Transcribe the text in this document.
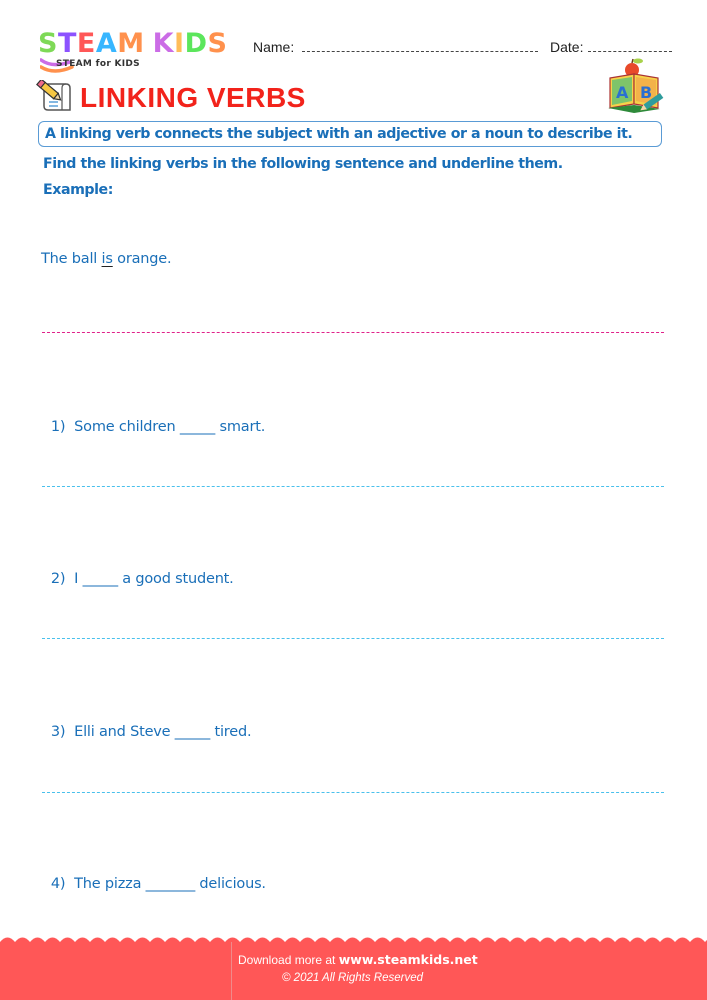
STEAM KIDS
STEAM for KIDS
Name:	Date:
LINKING VERBS	A B
A linking verb connects the subject with an adjective or a noun to describe it.
Find the linking verbs in the following sentence and underline them.
Example:
The ball is orange.

1) Some children _____ smart.

2) I _____ a good student.

3) Elli and Steve _____ tired.

4) The pizza _______ delicious.

Download more at www.steamkids.net
© 2021 All Rights Reserved
